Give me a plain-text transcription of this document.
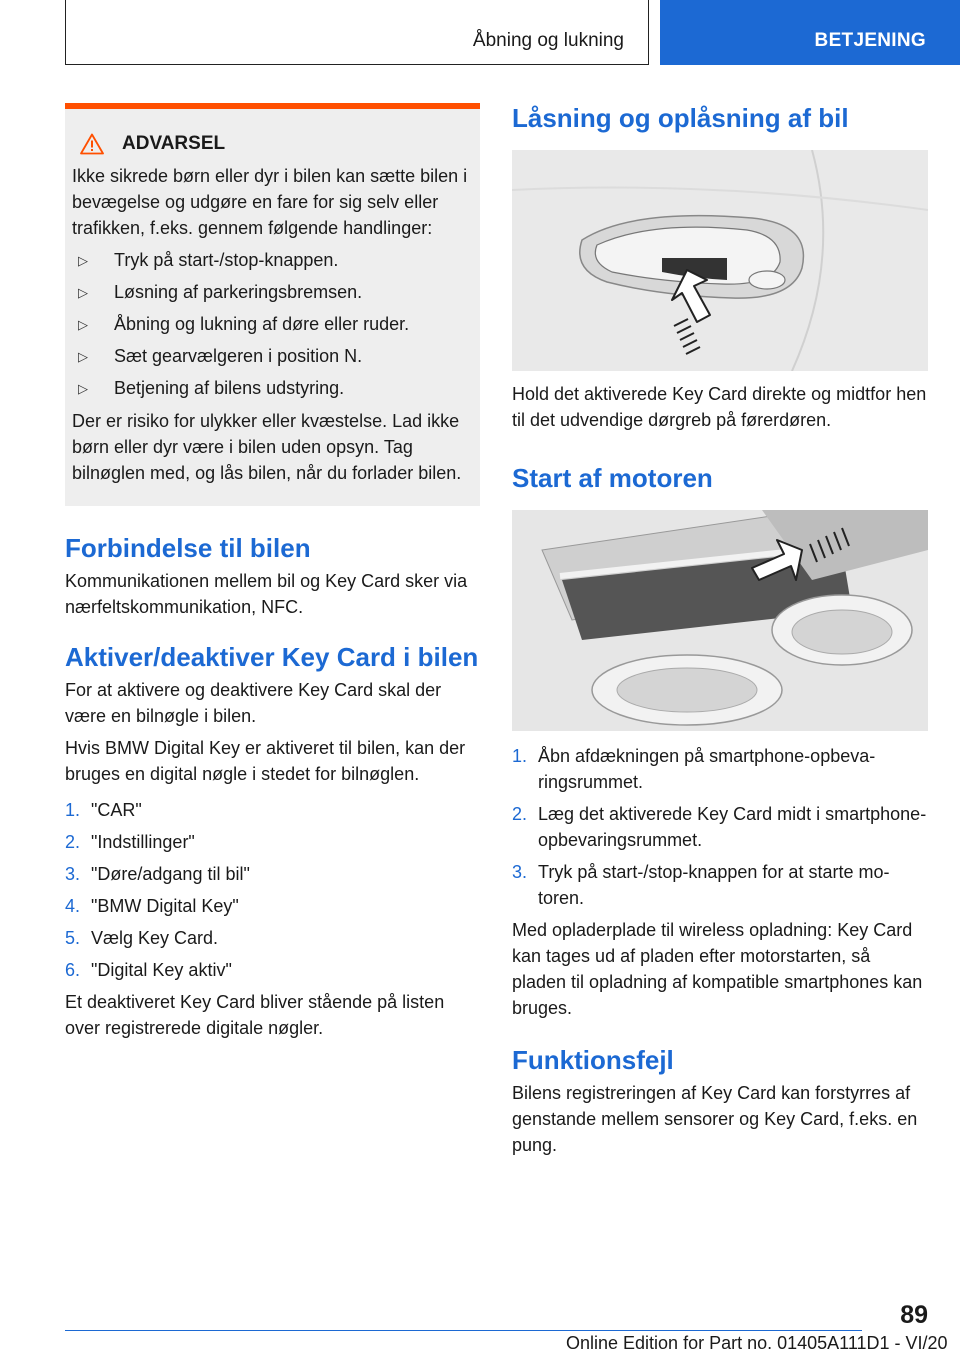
Åbning og lukning	BETJENING
ADVARSEL

Ikke sikrede børn eller dyr i bilen kan sætte bilen i bevægelse og udgøre en fare for sig selv eller trafikken, f.eks. gennem følgende handlinger:

▷	Tryk på start-/stop-knappen.
▷	Løsning af parkeringsbremsen.
▷	Åbning og lukning af døre eller ruder.
▷	Sæt gearvælgeren i position N.
▷	Betjening af bilens udstyring.

Der er risiko for ulykker eller kvæstelse. Lad ikke børn eller dyr være i bilen uden opsyn. Tag bilnøglen med, og lås bilen, når du forlader bilen.

Forbindelse til bilen

Kommunikationen mellem bil og Key Card sker via nærfeltskommunikation, NFC.

Aktiver/deaktiver Key Card i bilen

For at aktivere og deaktivere Key Card skal der være en bilnøgle i bilen.

Hvis BMW Digital Key er aktiveret til bilen, kan der bruges en digital nøgle i stedet for bilnøglen.

1. "CAR"
2. "Indstillinger"
3. "Døre/adgang til bil"
4. "BMW Digital Key"
5. Vælg Key Card.
6. "Digital Key aktiv"

Et deaktiveret Key Card bliver stående på listen over registrerede digitale nøgler.

Låsning og oplåsning af bil

Hold det aktiverede Key Card direkte og midtfor hen til det udvendige dørgreb på førerdøren.

Start af motoren
1. Åbn afdækningen på smartphone-opbevaringsrummet.
2. Læg det aktiverede Key Card midt i smartphone-opbevaringsrummet.
3. Tryk på start-/stop-knappen for at starte motoren.

Med opladerplade til wireless opladning: Key Card kan tages ud af pladen efter motorstarten, så pladen til opladning af kompatible smartphones kan bruges.

Funktionsfejl

Bilens registreringen af Key Card kan forstyrres af genstande mellem sensorer og Key Card, f.eks. en pung.

89
Online Edition for Part no. 01405A111D1 - VI/20
